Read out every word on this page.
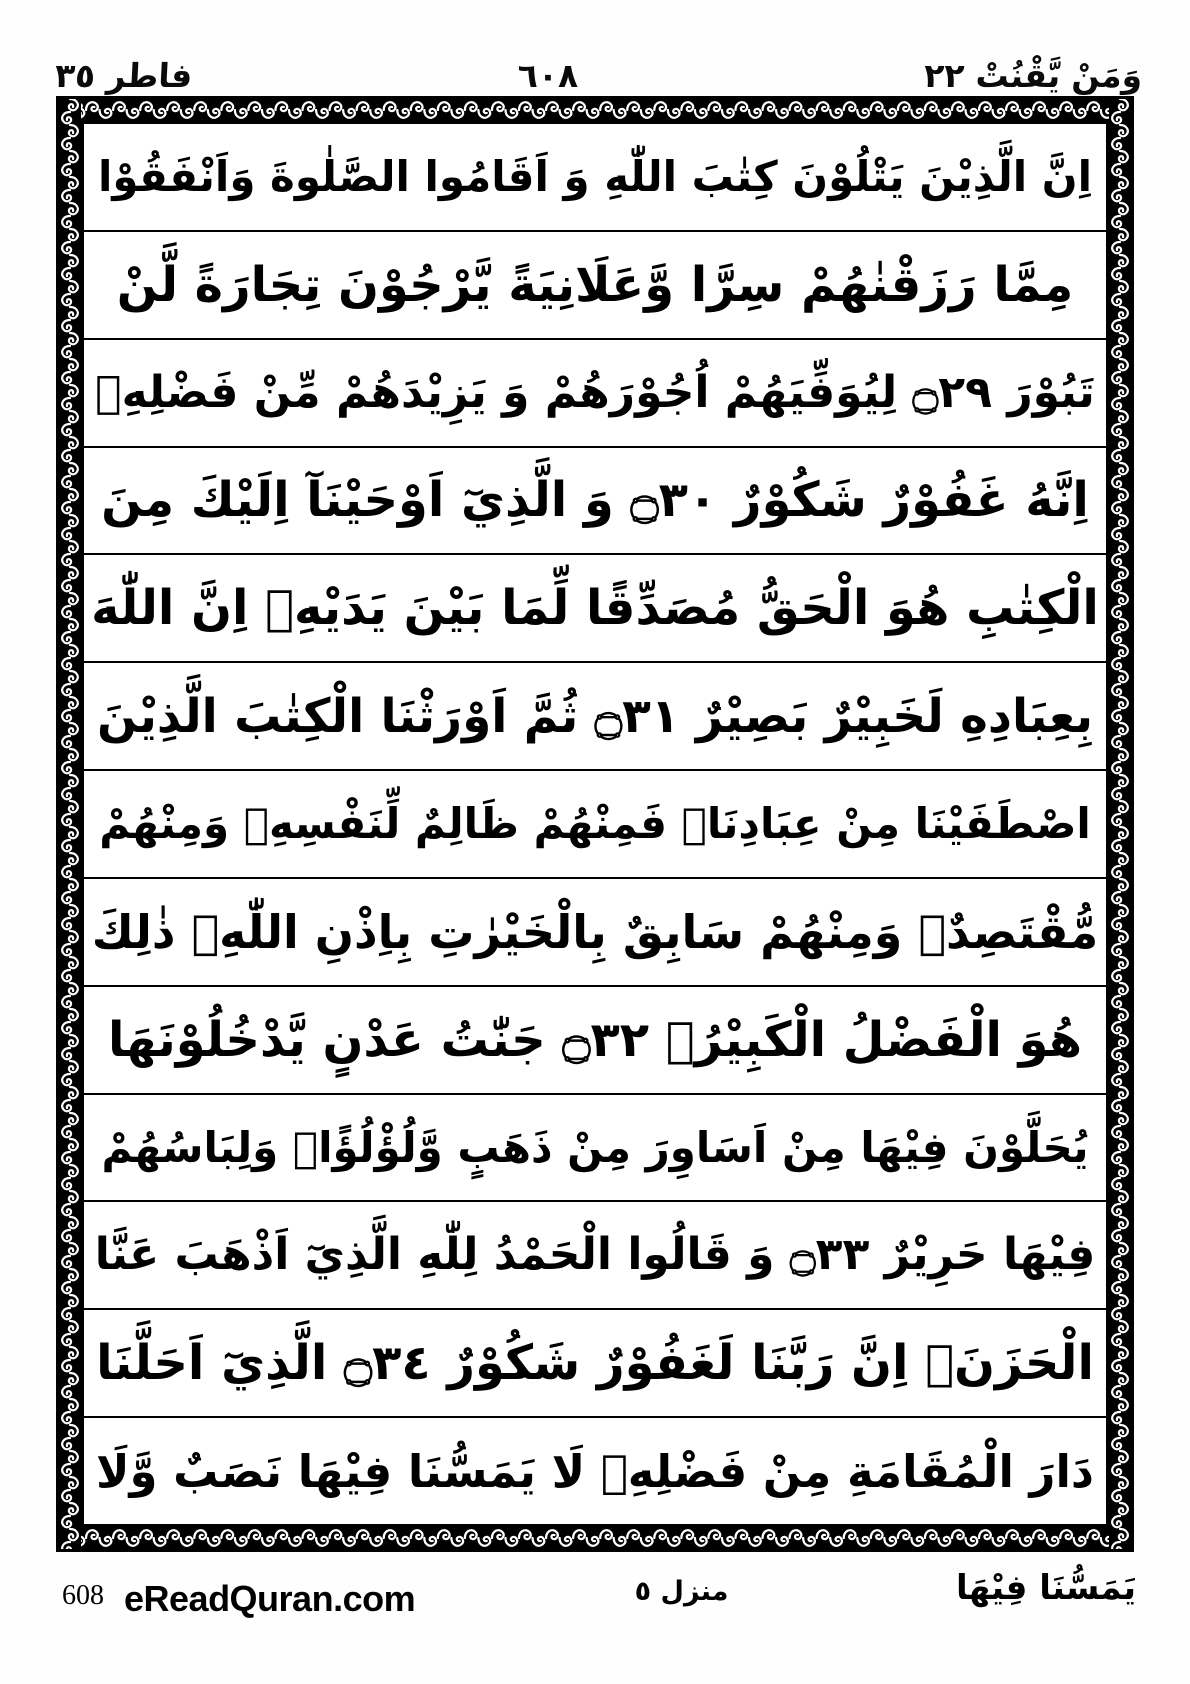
وَمَنْ يَّقْنُتْ ٢٢
٦٠٨
فاطر ٣٥
اِنَّ الَّذِيْنَ يَتْلُوْنَ كِتٰبَ اللّٰهِ وَ اَقَامُوا الصَّلٰوةَ وَاَنْفَقُوْا
مِمَّا رَزَقْنٰهُمْ سِرَّا وَّعَلَانِيَةً يَّرْجُوْنَ تِجَارَةً لَّنْ
تَبُوْرَ ۝٢٩ لِيُوَفِّيَهُمْ اُجُوْرَهُمْ وَ يَزِيْدَهُمْ مِّنْ فَضْلِهِۙ
اِنَّهُ غَفُوْرٌ شَكُوْرٌ ۝٣٠ وَ الَّذِيٓ اَوْحَيْنَآ اِلَيْكَ مِنَ
الْكِتٰبِ هُوَ الْحَقُّ مُصَدِّقًا لِّمَا بَيْنَ يَدَيْهِۙ اِنَّ اللّٰهَ
بِعِبَادِهِ لَخَبِيْرٌ بَصِيْرٌ ۝٣١ ثُمَّ اَوْرَثْنَا الْكِتٰبَ الَّذِيْنَ
اصْطَفَيْنَا مِنْ عِبَادِنَاۚ فَمِنْهُمْ ظَالِمٌ لِّنَفْسِهِۚ وَمِنْهُمْ
مُّقْتَصِدٌۚ وَمِنْهُمْ سَابِقٌ بِالْخَيْرٰتِ بِاِذْنِ اللّٰهِۙ ذٰلِكَ
هُوَ الْفَضْلُ الْكَبِيْرُۙ ۝٣٢ جَنّٰتُ عَدْنٍ يَّدْخُلُوْنَهَا
يُحَلَّوْنَ فِيْهَا مِنْ اَسَاوِرَ مِنْ ذَهَبٍ وَّلُؤْلُؤًاۚ وَلِبَاسُهُمْ
فِيْهَا حَرِيْرٌ ۝٣٣ وَ قَالُوا الْحَمْدُ لِلّٰهِ الَّذِيٓ اَذْهَبَ عَنَّا
الْحَزَنَۙ اِنَّ رَبَّنَا لَغَفُوْرٌ شَكُوْرٌ ۝٣٤ الَّذِيٓ اَحَلَّنَا
دَارَ الْمُقَامَةِ مِنْ فَضْلِهِۚ لَا يَمَسُّنَا فِيْهَا نَصَبٌ وَّلَا
يَمَسُّنَا فِيْهَا
منزل ٥
eReadQuran.com
608
